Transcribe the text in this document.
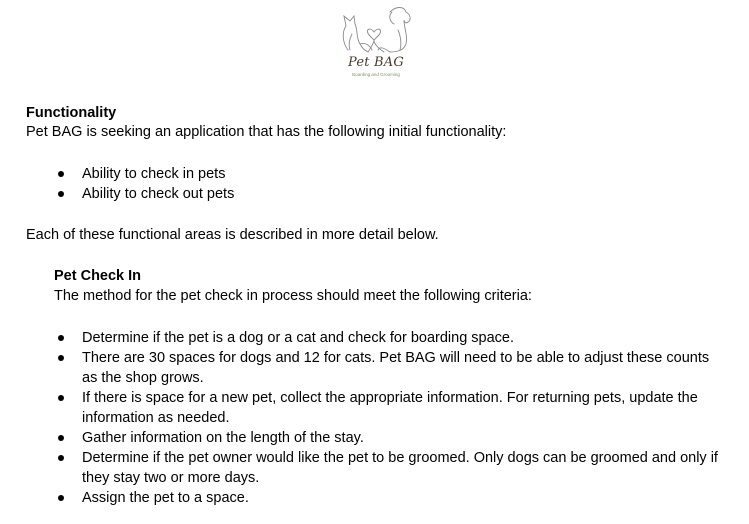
Pet BAG
Boarding and Grooming
Functionality
Pet BAG is seeking an application that has the following initial functionality:
Ability to check in pets
Ability to check out pets
Each of these functional areas is described in more detail below.
Pet Check In
The method for the pet check in process should meet the following criteria:
Determine if the pet is a dog or a cat and check for boarding space.
There are 30 spaces for dogs and 12 for cats. Pet BAG will need to be able to adjust these counts as the shop grows.
If there is space for a new pet, collect the appropriate information. For returning pets, update the information as needed.
Gather information on the length of the stay.
Determine if the pet owner would like the pet to be groomed. Only dogs can be groomed and only if they stay two or more days.
Assign the pet to a space.
